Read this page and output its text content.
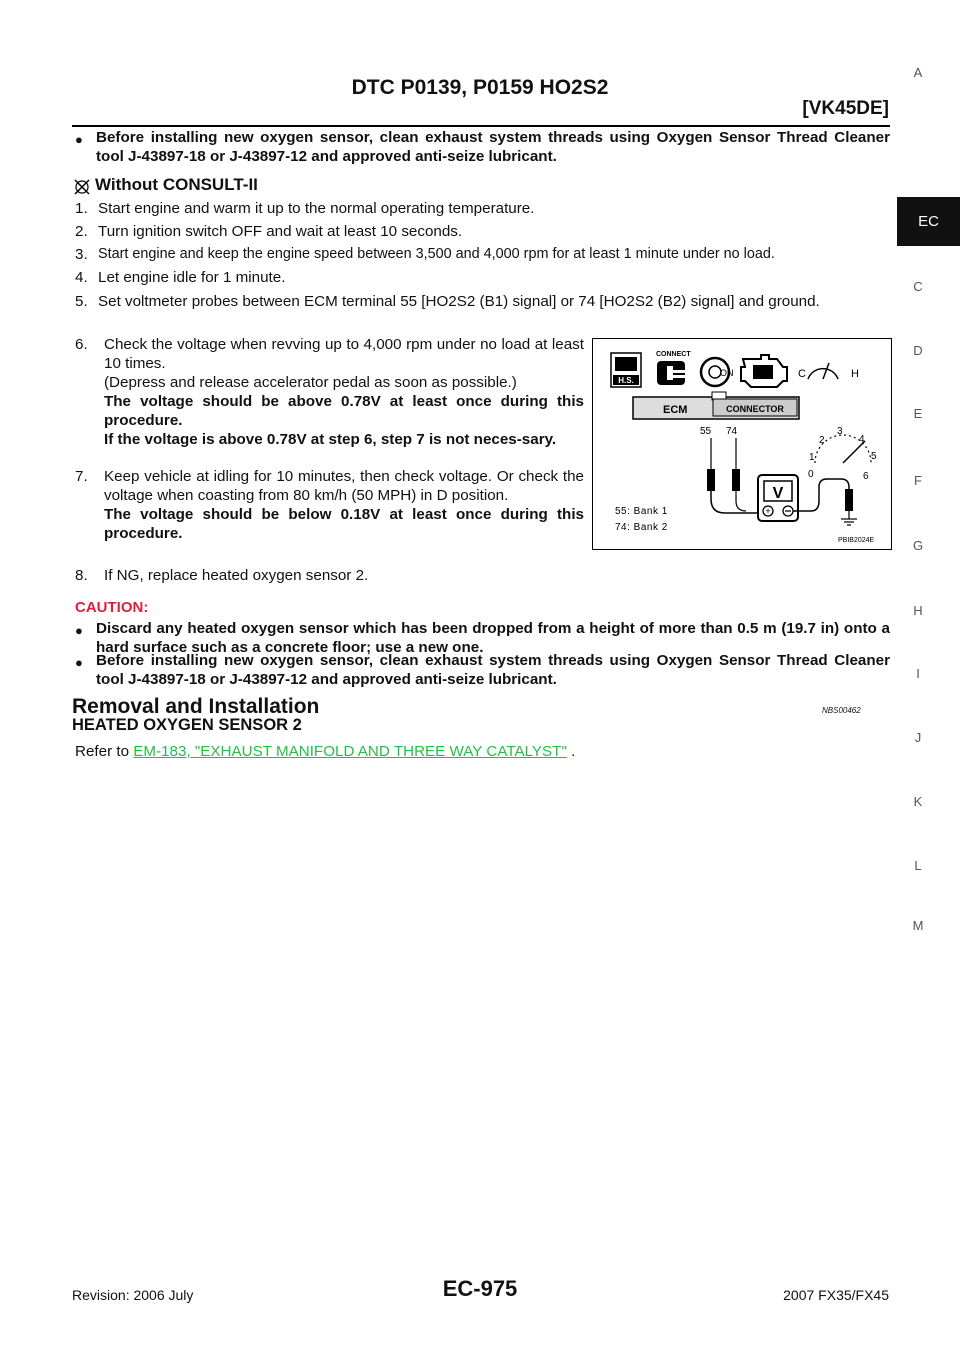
DTC P0139, P0159 HO2S2
[VK45DE]
A
EC
C
D
E
F
G
H
I
J
K
L
M
● Before installing new oxygen sensor, clean exhaust system threads using Oxygen Sensor Thread Cleaner tool J-43897-18 or J-43897-12 and approved anti-seize lubricant.
Without CONSULT-II
1. Start engine and warm it up to the normal operating temperature.
2. Turn ignition switch OFF and wait at least 10 seconds.
3. Start engine and keep the engine speed between 3,500 and 4,000 rpm for at least 1 minute under no load.
4. Let engine idle for 1 minute.
5. Set voltmeter probes between ECM terminal 55 [HO2S2 (B1) signal] or 74 [HO2S2 (B2) signal] and ground.
6.	Check the voltage when revving up to 4,000 rpm under no load at least 10 times.
(Depress and release accelerator pedal as soon as possible.)
The voltage should be above 0.78V at least once during this procedure.
If the voltage is above 0.78V at step 6, step 7 is not neces-sary.
7.	Keep vehicle at idling for 10 minutes, then check voltage. Or check the voltage when coasting from 80 km/h (50 MPH) in D position.
The voltage should be below 0.18V at least once during this procedure.
8.	If NG, replace heated oxygen sensor 2.
H.S.
CONNECT
ON	C	H
ECM	CONNECTOR
55 74
V
+
0
1
2
3
4
5
6
55: Bank 1
74: Bank 2
PBIB2024E
CAUTION:
● Discard any heated oxygen sensor which has been dropped from a height of more than 0.5 m (19.7 in) onto a hard surface such as a concrete floor; use a new one.
● Before installing new oxygen sensor, clean exhaust system threads using Oxygen Sensor Thread Cleaner tool J-43897-18 or J-43897-12 and approved anti-seize lubricant.
Removal and Installation	NBS00462
HEATED OXYGEN SENSOR 2
Refer to EM-183, "EXHAUST MANIFOLD AND THREE WAY CATALYST" .
Revision: 2006 July	EC-975	2007 FX35/FX45
